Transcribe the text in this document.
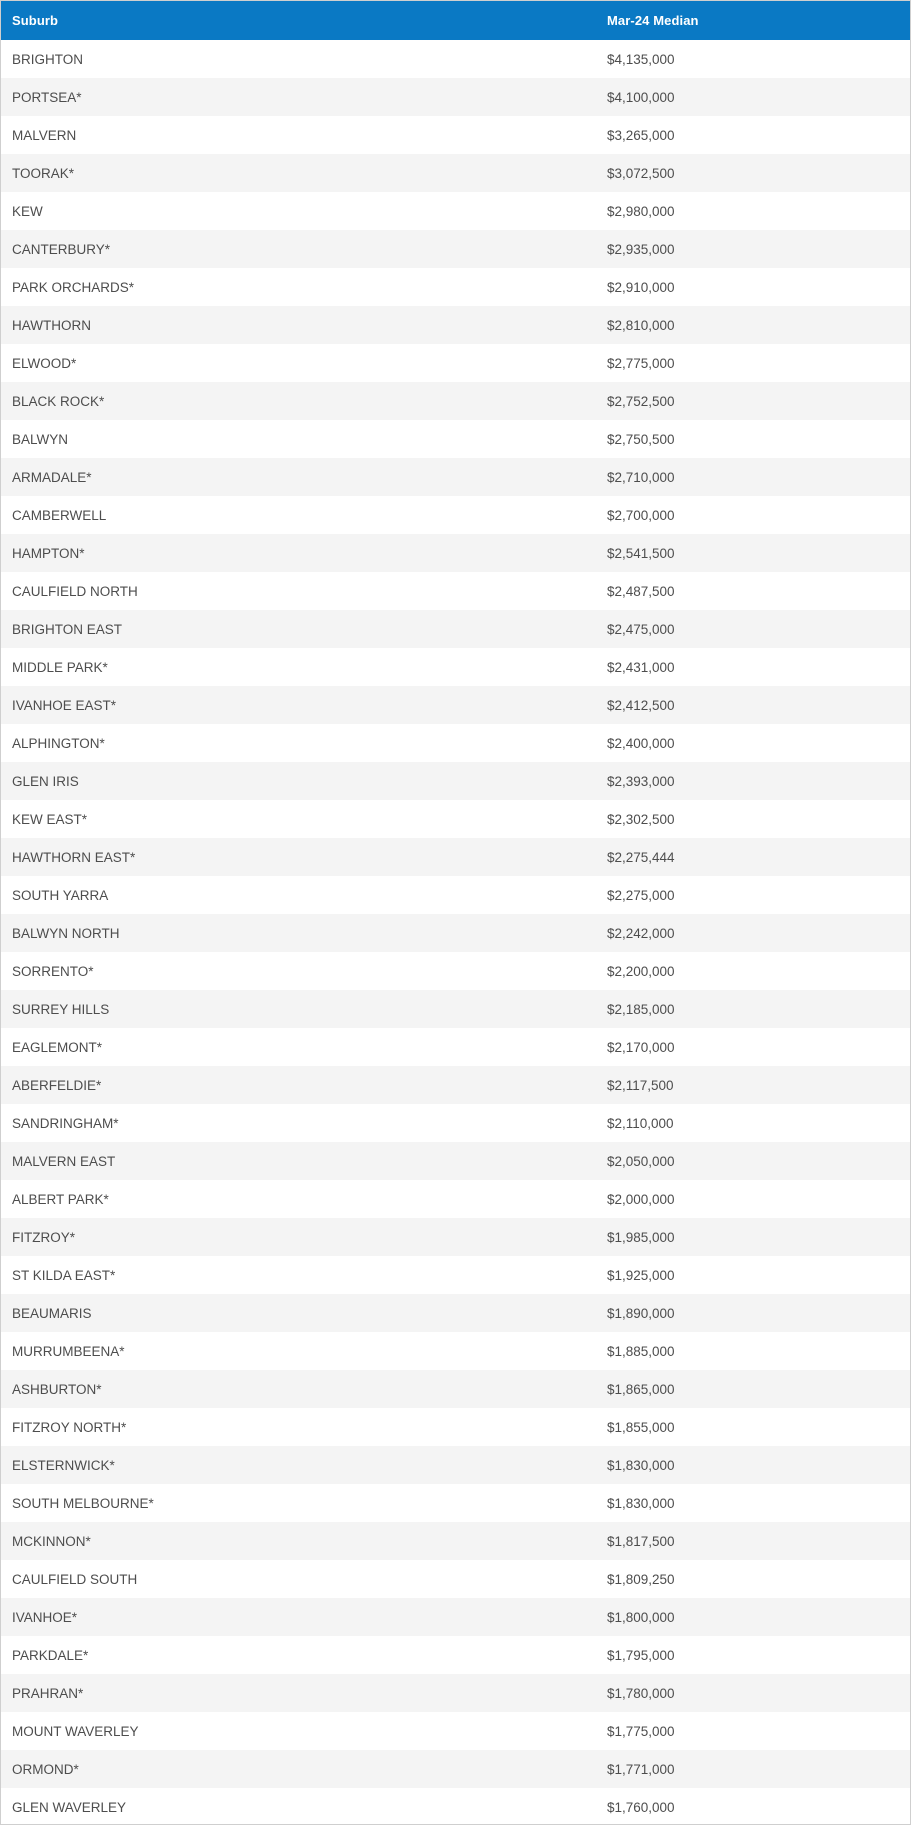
Suburb	Mar-24 Median
BRIGHTON	$4,135,000
PORTSEA*	$4,100,000
MALVERN	$3,265,000
TOORAK*	$3,072,500
KEW	$2,980,000
CANTERBURY*	$2,935,000
PARK ORCHARDS*	$2,910,000
HAWTHORN	$2,810,000
ELWOOD*	$2,775,000
BLACK ROCK*	$2,752,500
BALWYN	$2,750,500
ARMADALE*	$2,710,000
CAMBERWELL	$2,700,000
HAMPTON*	$2,541,500
CAULFIELD NORTH	$2,487,500
BRIGHTON EAST	$2,475,000
MIDDLE PARK*	$2,431,000
IVANHOE EAST*	$2,412,500
ALPHINGTON*	$2,400,000
GLEN IRIS	$2,393,000
KEW EAST*	$2,302,500
HAWTHORN EAST*	$2,275,444
SOUTH YARRA	$2,275,000
BALWYN NORTH	$2,242,000
SORRENTO*	$2,200,000
SURREY HILLS	$2,185,000
EAGLEMONT*	$2,170,000
ABERFELDIE*	$2,117,500
SANDRINGHAM*	$2,110,000
MALVERN EAST	$2,050,000
ALBERT PARK*	$2,000,000
FITZROY*	$1,985,000
ST KILDA EAST*	$1,925,000
BEAUMARIS	$1,890,000
MURRUMBEENA*	$1,885,000
ASHBURTON*	$1,865,000
FITZROY NORTH*	$1,855,000
ELSTERNWICK*	$1,830,000
SOUTH MELBOURNE*	$1,830,000
MCKINNON*	$1,817,500
CAULFIELD SOUTH	$1,809,250
IVANHOE*	$1,800,000
PARKDALE*	$1,795,000
PRAHRAN*	$1,780,000
MOUNT WAVERLEY	$1,775,000
ORMOND*	$1,771,000
GLEN WAVERLEY	$1,760,000
